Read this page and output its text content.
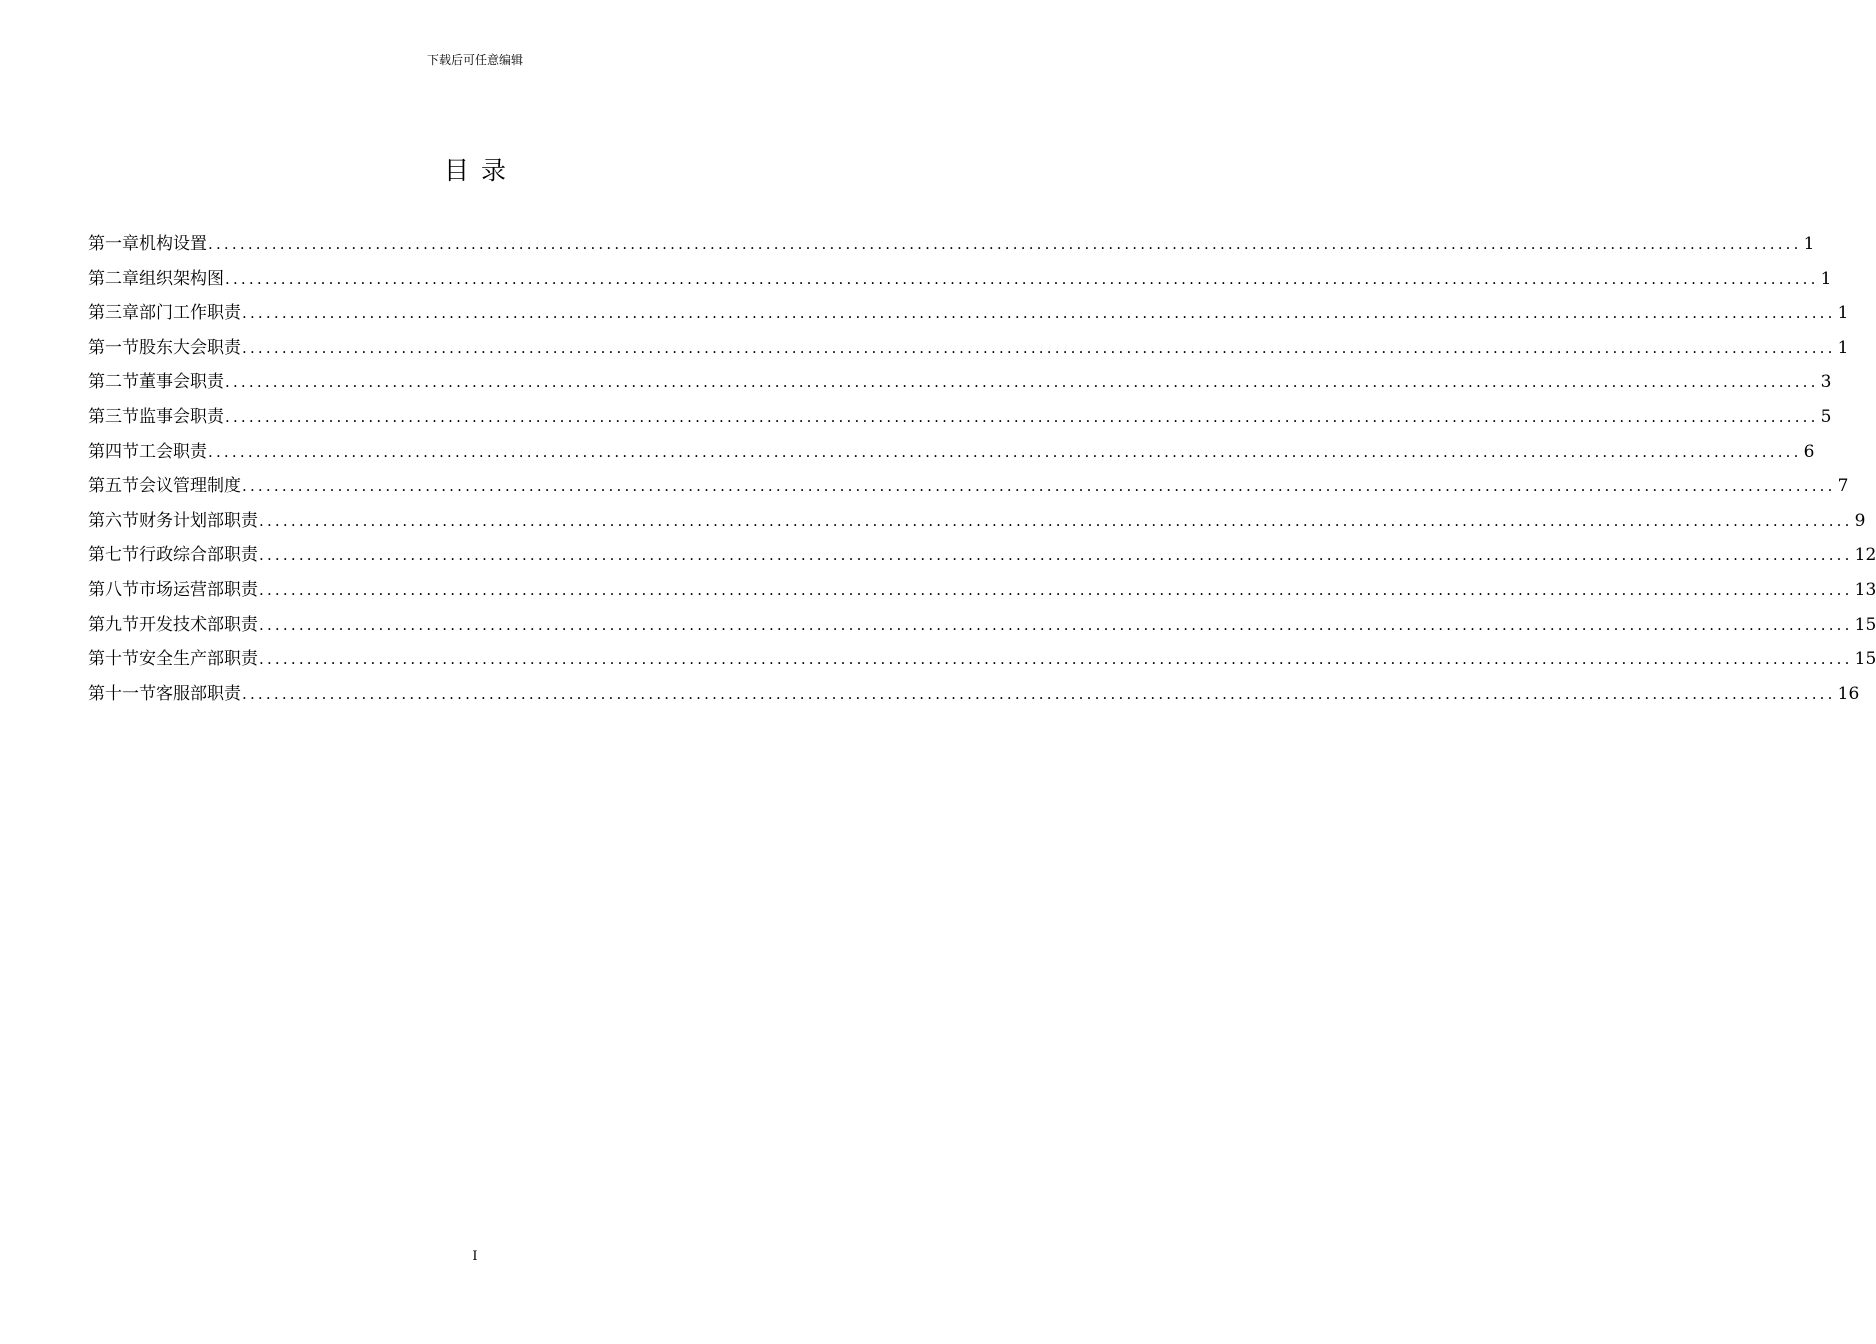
下载后可任意编辑
目录
第一章 机构设置 ........................................................................................................................................................................................................ 1
第二章 组织架构图 ........................................................................................................................................................................................................ 1
第三章 部门工作职责 ........................................................................................................................................................................................................ 1
第一节 股东大会职责 ........................................................................................................................................................................................................ 1
第二节 董事会职责 ........................................................................................................................................................................................................ 3
第三节 监事会职责 ........................................................................................................................................................................................................ 5
第四节 工会职责 ........................................................................................................................................................................................................ 6
第五节 会议管理制度 ........................................................................................................................................................................................................ 7
第六节 财务计划部职责 ........................................................................................................................................................................................................ 9
第七节 行政综合部职责 ........................................................................................................................................................................................................ 12
第八节 市场运营部职责 ........................................................................................................................................................................................................ 13
第九节 开发技术部职责 ........................................................................................................................................................................................................ 15
第十节 安全生产部职责 ........................................................................................................................................................................................................ 15
第十一节 客服部职责 ........................................................................................................................................................................................................ 16
I
